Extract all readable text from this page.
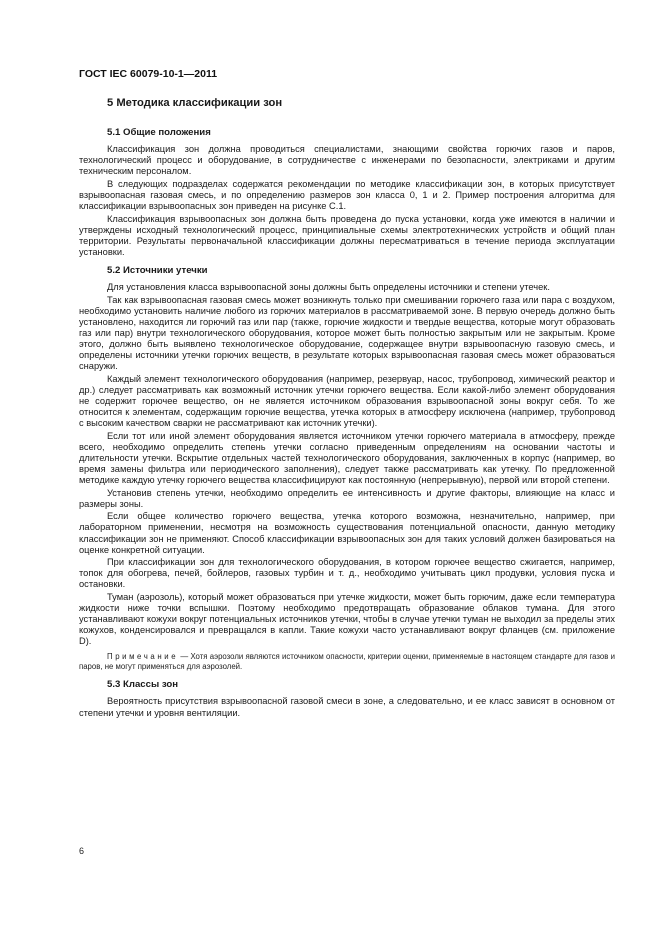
ГОСТ IEC 60079-10-1—2011
5 Методика классификации зон
5.1 Общие положения

Классификация зон должна проводиться специалистами, знающими свойства горючих газов и паров, технологический процесс и оборудование, в сотрудничестве с инженерами по безопасности, электриками и другим техническим персоналом.

В следующих подразделах содержатся рекомендации по методике классификации зон, в которых присутствует взрывоопасная газовая смесь, и по определению размеров зон класса 0, 1 и 2. Пример построения алгоритма для классификации взрывоопасных зон приведен на рисунке С.1.

Классификация взрывоопасных зон должна быть проведена до пуска установки, когда уже имеются в наличии и утверждены исходный технологический процесс, принципиальные схемы электротехнических устройств и общий план территории. Результаты первоначальной классификации должны пересматриваться в течение периода эксплуатации установки.

5.2 Источники утечки

Для установления класса взрывоопасной зоны должны быть определены источники и степени утечек.

Так как взрывоопасная газовая смесь может возникнуть только при смешивании горючего газа или пара с воздухом, необходимо установить наличие любого из горючих материалов в рассматриваемой зоне. В первую очередь должно быть установлено, находится ли горючий газ или пар (также, горючие жидкости и твердые вещества, которые могут образовать газ или пар) внутри технологического оборудования, которое может быть полностью закрытым или не закрытым. Кроме этого, должно быть выявлено технологическое оборудование, содержащее внутри взрывоопасную газовую смесь, и определены источники утечки горючих веществ, в результате которых взрывоопасная газовая смесь может образоваться снаружи.

Каждый элемент технологического оборудования (например, резервуар, насос, трубопровод, химический реактор и др.) следует рассматривать как возможный источник утечки горючего вещества. Если какой-либо элемент оборудования не содержит горючее вещество, он не является источником образования взрывоопасной зоны вокруг себя. То же относится к элементам, содержащим горючие вещества, утечка которых в атмосферу исключена (например, трубопровод с высоким качеством сварки не рассматривают как источник утечки).

Если тот или иной элемент оборудования является источником утечки горючего материала в атмосферу, прежде всего, необходимо определить степень утечки согласно приведенным определениям на основании частоты и длительности утечки. Вскрытие отдельных частей технологического оборудования, заключенных в корпус (например, во время замены фильтра или периодического заполнения), следует также рассматривать как утечку. По предложенной методике каждую утечку горючего вещества классифицируют как постоянную (непрерывную), первой или второй степени.

Установив степень утечки, необходимо определить ее интенсивность и другие факторы, влияющие на класс и размеры зоны.

Если общее количество горючего вещества, утечка которого возможна, незначительно, например, при лабораторном применении, несмотря на возможность существования потенциальной опасности, данную методику классификации зон не применяют. Способ классификации взрывоопасных зон для таких условий должен базироваться на оценке конкретной ситуации.

При классификации зон для технологического оборудования, в котором горючее вещество сжигается, например, топок для обогрева, печей, бойлеров, газовых турбин и т. д., необходимо учитывать цикл продувки, условия пуска и остановки.

Туман (аэрозоль), который может образоваться при утечке жидкости, может быть горючим, даже если температура жидкости ниже точки вспышки. Поэтому необходимо предотвращать образование облаков тумана. Для этого устанавливают кожухи вокруг потенциальных источников утечки, чтобы в случае утечки туман не выходил за пределы этих кожухов, конденсировался и превращался в капли. Такие кожухи часто устанавливают вокруг фланцев (см. приложение D).

Примечание — Хотя аэрозоли являются источником опасности, критерии оценки, применяемые в настоящем стандарте для газов и паров, не могут применяться для аэрозолей.

5.3 Классы зон

Вероятность присутствия взрывоопасной газовой смеси в зоне, а следовательно, и ее класс зависят в основном от степени утечки и уровня вентиляции.

6
